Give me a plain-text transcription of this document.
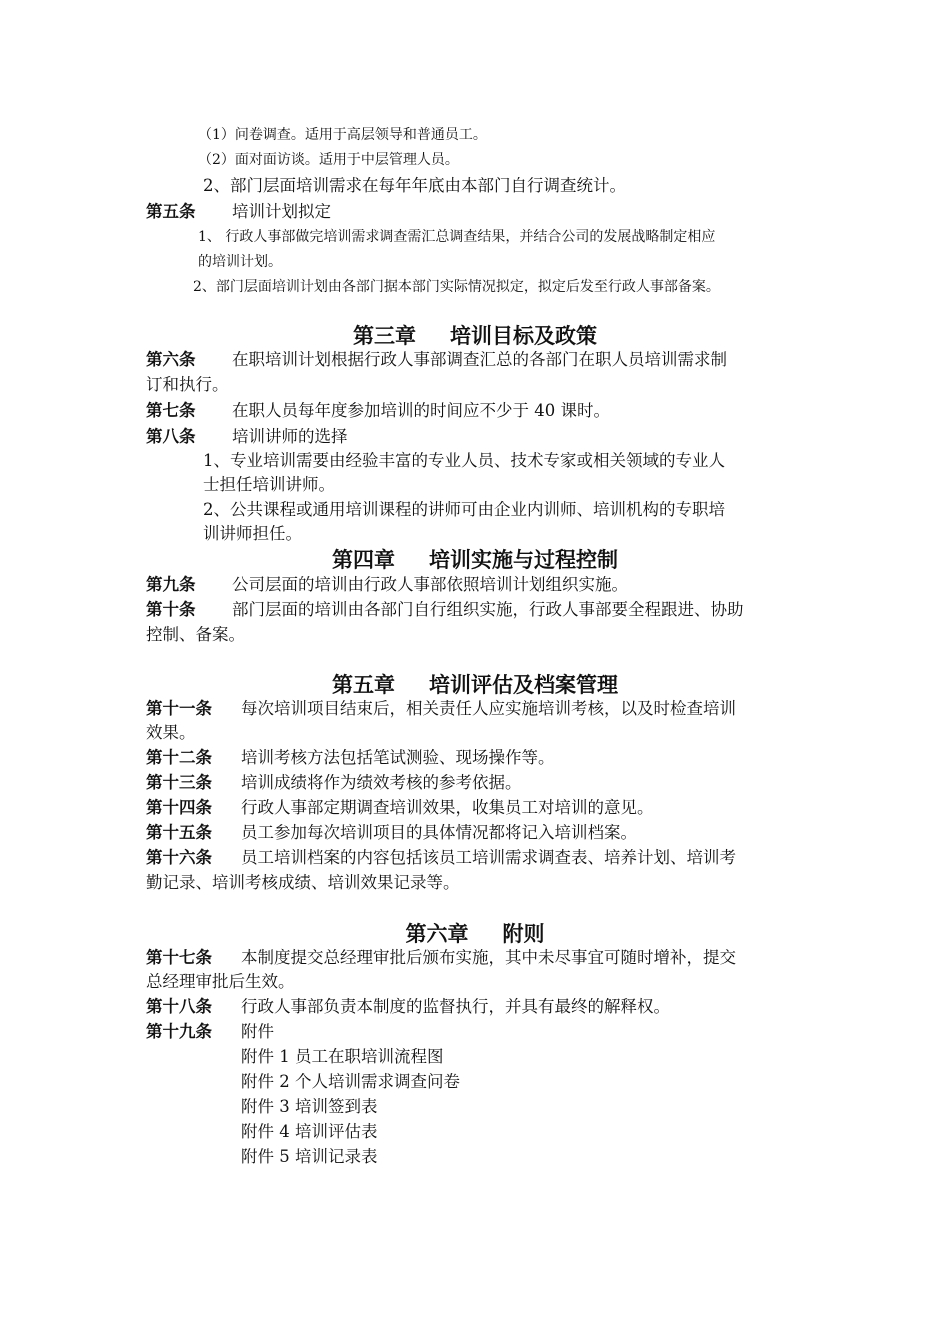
（1）问卷调查。适用于高层领导和普通员工。
（2）面对面访谈。适用于中层管理人员。
2、部门层面培训需求在每年年底由本部门自行调查统计。
第五条 培训计划拟定
1、 行政人事部做完培训需求调查需汇总调查结果，并结合公司的发展战略制定相应
的培训计划。
2、部门层面培训计划由各部门据本部门实际情况拟定，拟定后发至行政人事部备案。
第三章 培训目标及政策
第六条 在职培训计划根据行政人事部调查汇总的各部门在职人员培训需求制
订和执行。
第七条 在职人员每年度参加培训的时间应不少于 40 课时。
第八条 培训讲师的选择
1、专业培训需要由经验丰富的专业人员、技术专家或相关领域的专业人
士担任培训讲师。
2、公共课程或通用培训课程的讲师可由企业内训师、培训机构的专职培
训讲师担任。
第四章 培训实施与过程控制
第九条 公司层面的培训由行政人事部依照培训计划组织实施。
第十条 部门层面的培训由各部门自行组织实施，行政人事部要全程跟进、协助
控制、备案。
第五章 培训评估及档案管理
第十一条 每次培训项目结束后，相关责任人应实施培训考核，以及时检查培训
效果。
第十二条 培训考核方法包括笔试测验、现场操作等。
第十三条 培训成绩将作为绩效考核的参考依据。
第十四条 行政人事部定期调查培训效果，收集员工对培训的意见。
第十五条 员工参加每次培训项目的具体情况都将记入培训档案。
第十六条 员工培训档案的内容包括该员工培训需求调查表、培养计划、培训考
勤记录、培训考核成绩、培训效果记录等。
第六章 附则
第十七条 本制度提交总经理审批后颁布实施，其中未尽事宜可随时增补，提交
总经理审批后生效。
第十八条 行政人事部负责本制度的监督执行，并具有最终的解释权。
第十九条 附件
附件 1 员工在职培训流程图
附件 2 个人培训需求调查问卷
附件 3 培训签到表
附件 4 培训评估表
附件 5 培训记录表
